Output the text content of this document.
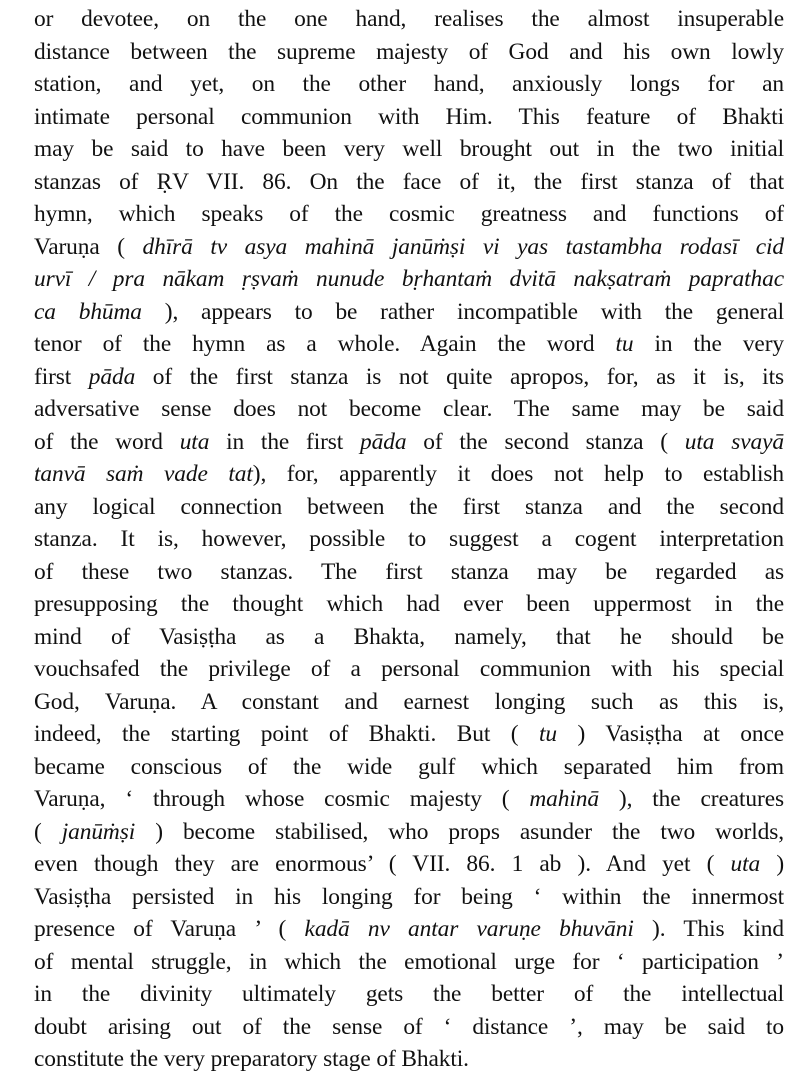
or devotee, on the one hand, realises the almost insuperable
distance between the supreme majesty of God and his own lowly
station, and yet, on the other hand, anxiously longs for an
intimate personal communion with Him. This feature of Bhakti
may be said to have been very well brought out in the two initial
stanzas of ṚV VII. 86. On the face of it, the first stanza of that
hymn, which speaks of the cosmic greatness and functions of
Varuṇa ( dhīrā tv asya mahinā janūṁṣi vi yas tastambha rodasī cid
urvī / pra nākam ṛṣvaṁ nunude bṛhantaṁ dvitā nakṣatraṁ paprathac
ca bhūma ), appears to be rather incompatible with the general
tenor of the hymn as a whole. Again the word tu in the very
first pāda of the first stanza is not quite apropos, for, as it is, its
adversative sense does not become clear. The same may be said
of the word uta in the first pāda of the second stanza ( uta svayā
tanvā saṁ vade tat), for, apparently it does not help to establish
any logical connection between the first stanza and the second
stanza. It is, however, possible to suggest a cogent interpretation
of these two stanzas. The first stanza may be regarded as
presupposing the thought which had ever been uppermost in the
mind of Vasiṣṭha as a Bhakta, namely, that he should be
vouchsafed the privilege of a personal communion with his special
God, Varuṇa. A constant and earnest longing such as this is,
indeed, the starting point of Bhakti. But ( tu ) Vasiṣṭha at once
became conscious of the wide gulf which separated him from
Varuṇa, ‘ through whose cosmic majesty ( mahinā ), the creatures
( janūṁṣi ) become stabilised, who props asunder the two worlds,
even though they are enormous’ ( VII. 86. 1 ab ). And yet ( uta )
Vasiṣṭha persisted in his longing for being ‘ within the innermost
presence of Varuṇa ’ ( kadā nv antar varuṇe bhuvāni ). This kind
of mental struggle, in which the emotional urge for ‘ participation ’
in the divinity ultimately gets the better of the intellectual
doubt arising out of the sense of ‘ distance ’, may be said to
constitute the very preparatory stage of Bhakti.
